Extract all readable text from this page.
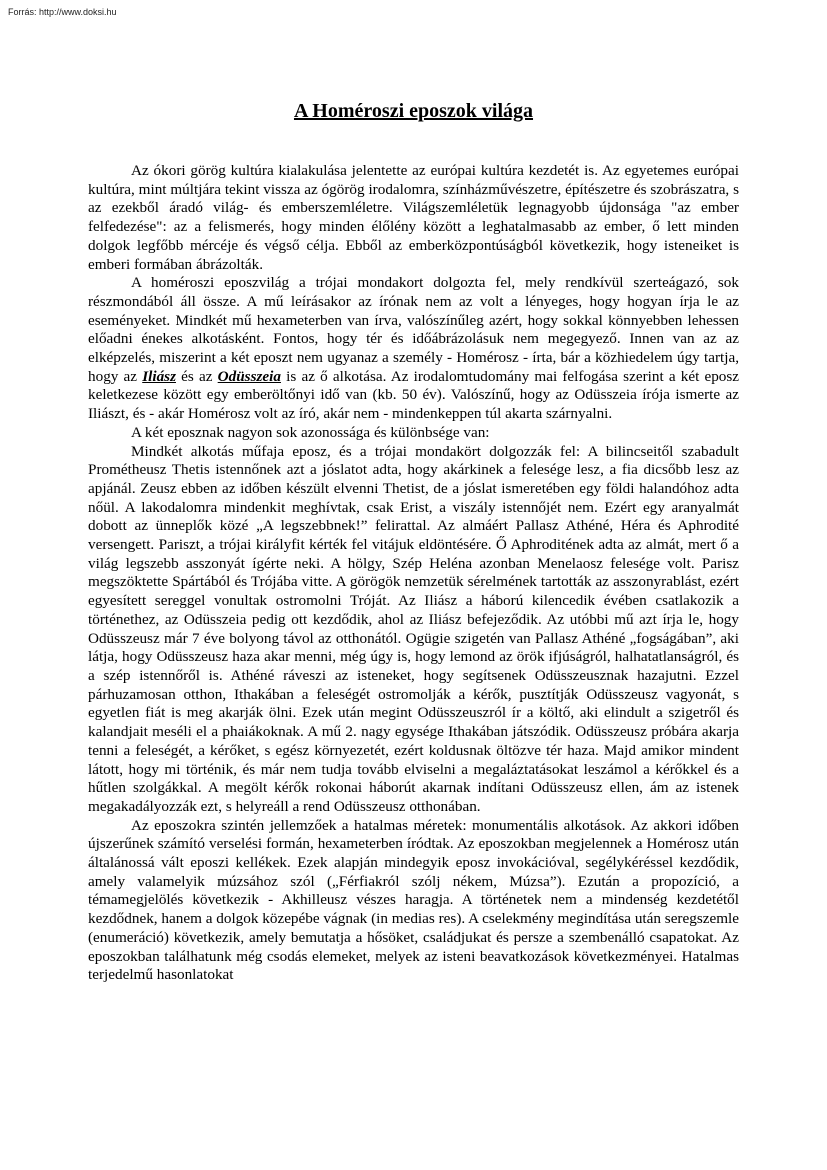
Forrás: http://www.doksi.hu
A Homéroszi eposzok világa

Az ókori görög kultúra kialakulása jelentette az európai kultúra kezdetét is. Az egyetemes európai kultúra, mint múltjára tekint vissza az ógörög irodalomra, színházművészetre, építészetre és szobrászatra, s az ezekből áradó világ- és emberszemléletre. Világszemléletük legnagyobb újdonsága "az ember felfedezése": az a felismerés, hogy minden élőlény között a leghatalmasabb az ember, ő lett minden dolgok legfőbb mércéje és végső célja. Ebből az emberközpontúságból következik, hogy isteneiket is emberi formában ábrázolták.

A homéroszi eposzvilág a trójai mondakort dolgozta fel, mely rendkívül szerteágazó, sok részmondából áll össze. A mű leírásakor az írónak nem az volt a lényeges, hogy hogyan írja le az eseményeket. Mindkét mű hexameterben van írva, valószínűleg azért, hogy sokkal könnyebben lehessen előadni énekes alkotásként. Fontos, hogy tér és időábrázolásuk nem megegyező. Innen van az az elképzelés, miszerint a két eposzt nem ugyanaz a személy - Homérosz - írta, bár a közhiedelem úgy tartja, hogy az Iliász és az Odüsszeia is az ő alkotása. Az irodalomtudomány mai felfogása szerint a két eposz keletkezese között egy emberöltőnyi idő van (kb. 50 év). Valószínű, hogy az Odüsszeia írója ismerte az Iliászt, és - akár Homérosz volt az író, akár nem - mindenkeppen túl akarta szárnyalni.

A két eposznak nagyon sok azonossága és különbsége van:

Mindkét alkotás műfaja eposz, és a trójai mondakört dolgozzák fel: A bilincseitől szabadult Prométheusz Thetis istennőnek azt a jóslatot adta, hogy akárkinek a felesége lesz, a fia dicsőbb lesz az apjánál. Zeusz ebben az időben készült elvenni Thetist, de a jóslat ismeretében egy földi halandóhoz adta nőül. A lakodalomra mindenkit meghívtak, csak Erist, a viszály istennőjét nem. Ezért egy aranyalmát dobott az ünneplők közé „A legszebbnek!” felirattal. Az almáért Pallasz Athéné, Héra és Aphrodité versengett. Pariszt, a trójai királyfit kérték fel vitájuk eldöntésére. Ő Aphroditének adta az almát, mert ő a világ legszebb asszonyát ígérte neki. A hölgy, Szép Heléna azonban Menelaosz felesége volt. Parisz megszöktette Spártából és Trójába vitte. A görögök nemzetük sérelmének tartották az asszonyrablást, ezért egyesített sereggel vonultak ostromolni Tróját. Az Iliász a háború kilencedik évében csatlakozik a történethez, az Odüsszeia pedig ott kezdődik, ahol az Iliász befejeződik. Az utóbbi mű azt írja le, hogy Odüsszeusz már 7 éve bolyong távol az otthonától. Ogügie szigetén van Pallasz Athéné „fogságában”, aki látja, hogy Odüsszeusz haza akar menni, még úgy is, hogy lemond az örök ifjúságról, halhatatlanságról, és a szép istennőről is. Athéné ráveszi az isteneket, hogy segítsenek Odüsszeusznak hazajutni. Ezzel párhuzamosan otthon, Ithakában a feleségét ostromolják a kérők, pusztítják Odüsszeusz vagyonát, s egyetlen fiát is meg akarják ölni. Ezek után megint Odüsszeuszról ír a költő, aki elindult a szigetről és kalandjait meséli el a phaiákoknak. A mű 2. nagy egysége Ithakában játszódik. Odüsszeusz próbára akarja tenni a feleségét, a kérőket, s egész környezetét, ezért koldusnak öltözve tér haza. Majd amikor mindent látott, hogy mi történik, és már nem tudja tovább elviselni a megaláztatásokat leszámol a kérőkkel és a hűtlen szolgákkal. A megölt kérők rokonai háborút akarnak indítani Odüsszeusz ellen, ám az istenek megakadályozzák ezt, s helyreáll a rend Odüsszeusz otthonában.

Az eposzokra szintén jellemzőek a hatalmas méretek: monumentális alkotások. Az akkori időben újszerűnek számító verselési formán, hexameterben íródtak. Az eposzokban megjelennek a Homérosz után általánossá vált eposzi kellékek. Ezek alapján mindegyik eposz invokációval, segélykéréssel kezdődik, amely valamelyik múzsához szól („Férfiakról szólj nékem, Múzsa”). Ezután a propozíció, a témamegjelölés következik - Akhilleusz vészes haragja. A történetek nem a mindenség kezdetétől kezdődnek, hanem a dolgok közepébe vágnak (in medias res). A cselekmény megindítása után seregszemle (enumeráció) következik, amely bemutatja a hősöket, családjukat és persze a szembenálló csapatokat. Az eposzokban találhatunk még csodás elemeket, melyek az isteni beavatkozások következményei. Hatalmas terjedelmű hasonlatokat
